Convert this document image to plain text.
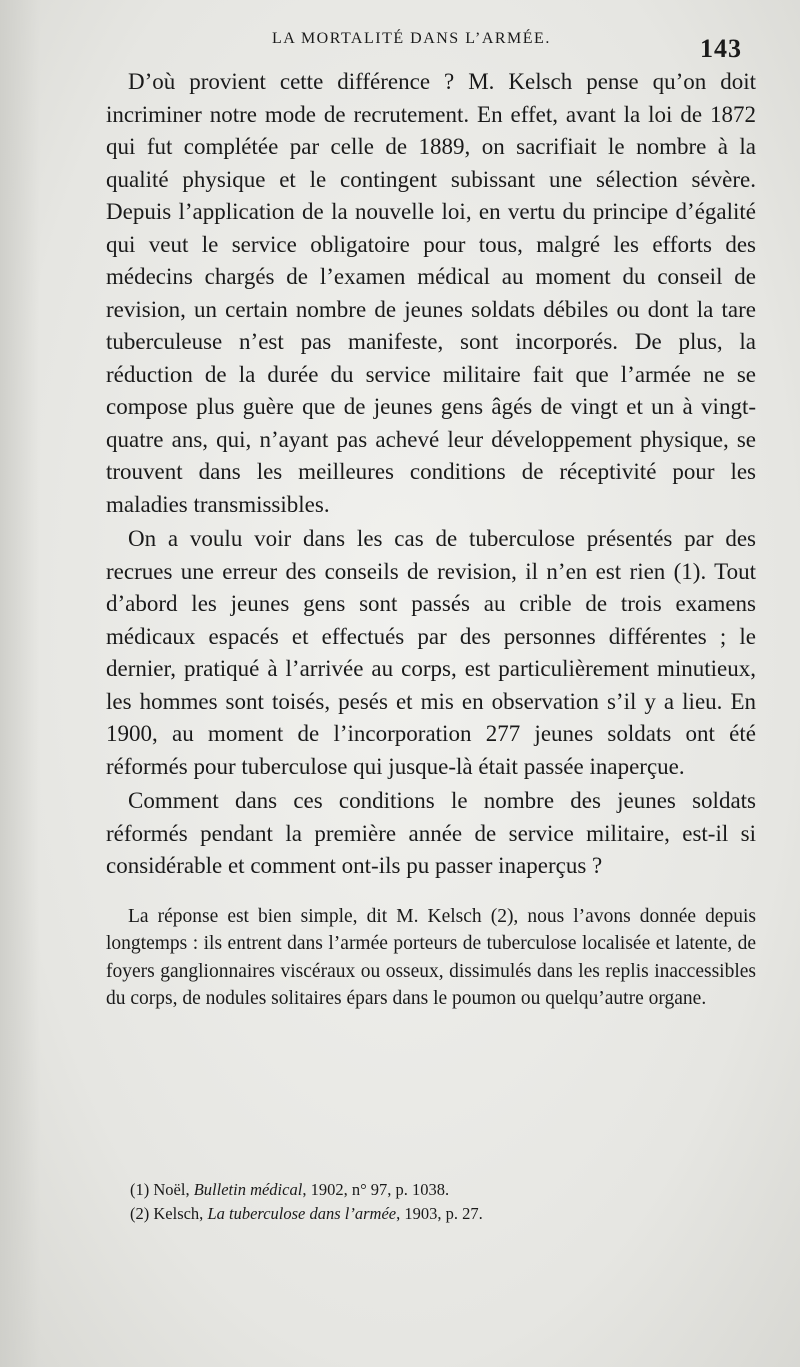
LA MORTALITÉ DANS L’ARMÉE.	143

D’où provient cette différence ? M. Kelsch pense qu’on doit incriminer notre mode de recrutement. En effet, avant la loi de 1872 qui fut complétée par celle de 1889, on sacrifiait le nombre à la qualité physique et le contingent subissant une sélection sévère. Depuis l’application de la nouvelle loi, en vertu du principe d’égalité qui veut le service obligatoire pour tous, malgré les efforts des médecins chargés de l’examen médical au moment du conseil de revision, un certain nombre de jeunes soldats débiles ou dont la tare tuberculeuse n’est pas manifeste, sont incorporés. De plus, la réduction de la durée du service militaire fait que l’armée ne se compose plus guère que de jeunes gens âgés de vingt et un à vingt-quatre ans, qui, n’ayant pas achevé leur développement physique, se trouvent dans les meilleures conditions de réceptivité pour les maladies transmissibles.

On a voulu voir dans les cas de tuberculose présentés par des recrues une erreur des conseils de revision, il n’en est rien (1). Tout d’abord les jeunes gens sont passés au crible de trois examens médicaux espacés et effectués par des personnes différentes ; le dernier, pratiqué à l’arrivée au corps, est particulièrement minutieux, les hommes sont toisés, pesés et mis en observation s’il y a lieu. En 1900, au moment de l’incorporation 277 jeunes soldats ont été réformés pour tuberculose qui jusque-là était passée inaperçue.

Comment dans ces conditions le nombre des jeunes soldats réformés pendant la première année de service militaire, est-il si considérable et comment ont-ils pu passer inaperçus ?

La réponse est bien simple, dit M. Kelsch (2), nous l’avons donnée depuis longtemps : ils entrent dans l’armée porteurs de tuberculose localisée et latente, de foyers ganglionnaires viscéraux ou osseux, dissimulés dans les replis inaccessibles du corps, de nodules solitaires épars dans le poumon ou quelqu’autre organe.

(1) Noël, Bulletin médical, 1902, n° 97, p. 1038.

(2) Kelsch, La tuberculose dans l’armée, 1903, p. 27.
